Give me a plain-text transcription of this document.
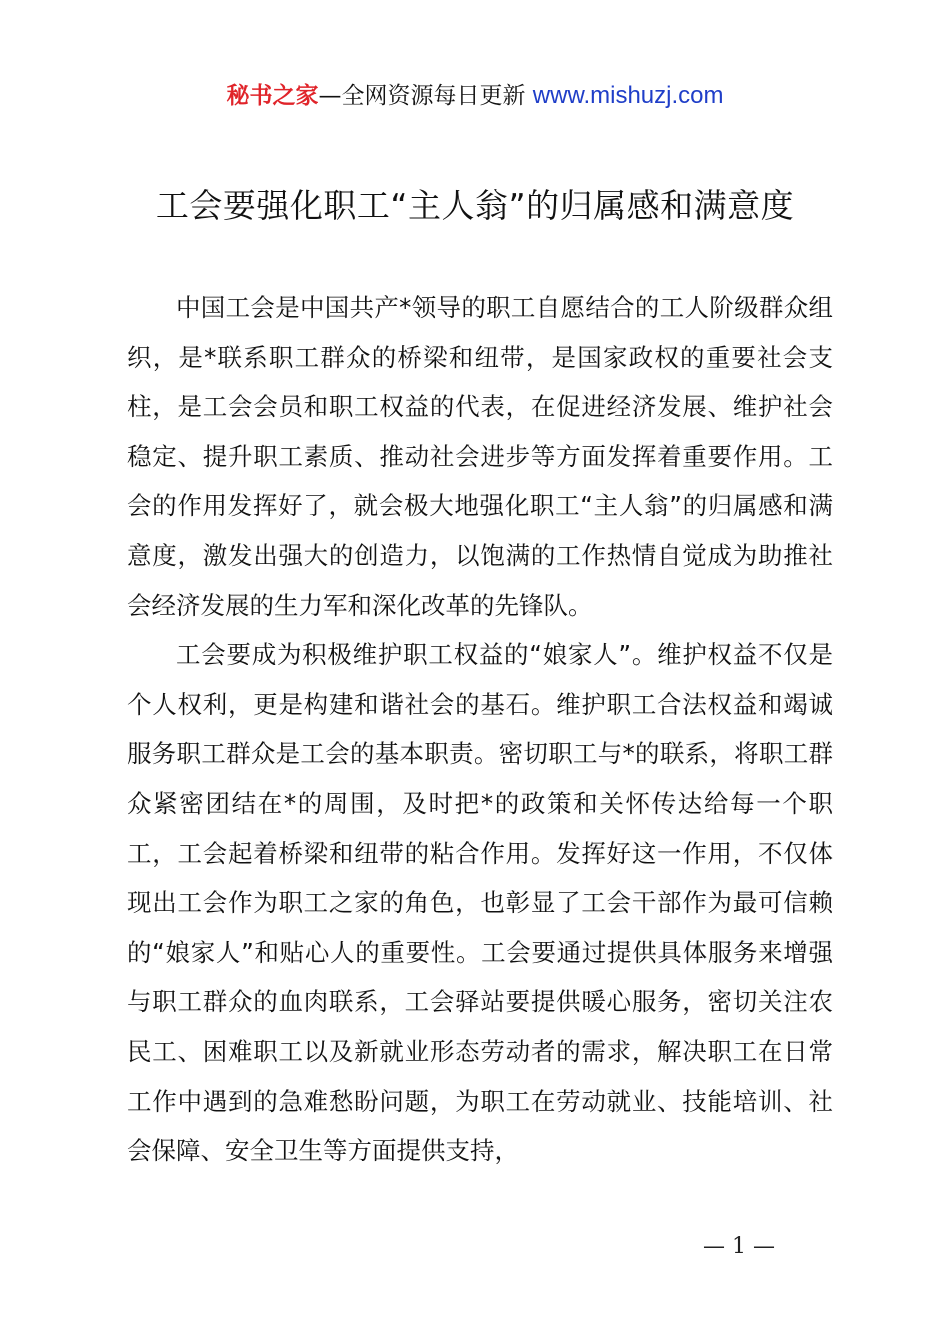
秘书之家—全网资源每日更新 www.mishuzj.com
工会要强化职工“主人翁”的归属感和满意度

中国工会是中国共产*领导的职工自愿结合的工人阶级群众组织，是*联系职工群众的桥梁和纽带，是国家政权的重要社会支柱，是工会会员和职工权益的代表，在促进经济发展、维护社会稳定、提升职工素质、推动社会进步等方面发挥着重要作用。工会的作用发挥好了，就会极大地强化职工“主人翁”的归属感和满意度，激发出强大的创造力，以饱满的工作热情自觉成为助推社会经济发展的生力军和深化改革的先锋队。

工会要成为积极维护职工权益的“娘家人”。维护权益不仅是个人权利，更是构建和谐社会的基石。维护职工合法权益和竭诚服务职工群众是工会的基本职责。密切职工与*的联系，将职工群众紧密团结在*的周围，及时把*的政策和关怀传达给每一个职工，工会起着桥梁和纽带的粘合作用。发挥好这一作用，不仅体现出工会作为职工之家的角色，也彰显了工会干部作为最可信赖的“娘家人”和贴心人的重要性。工会要通过提供具体服务来增强与职工群众的血肉联系，工会驿站要提供暖心服务，密切关注农民工、困难职工以及新就业形态劳动者的需求，解决职工在日常工作中遇到的急难愁盼问题，为职工在劳动就业、技能培训、社会保障、安全卫生等方面提供支持，

— 1 —
